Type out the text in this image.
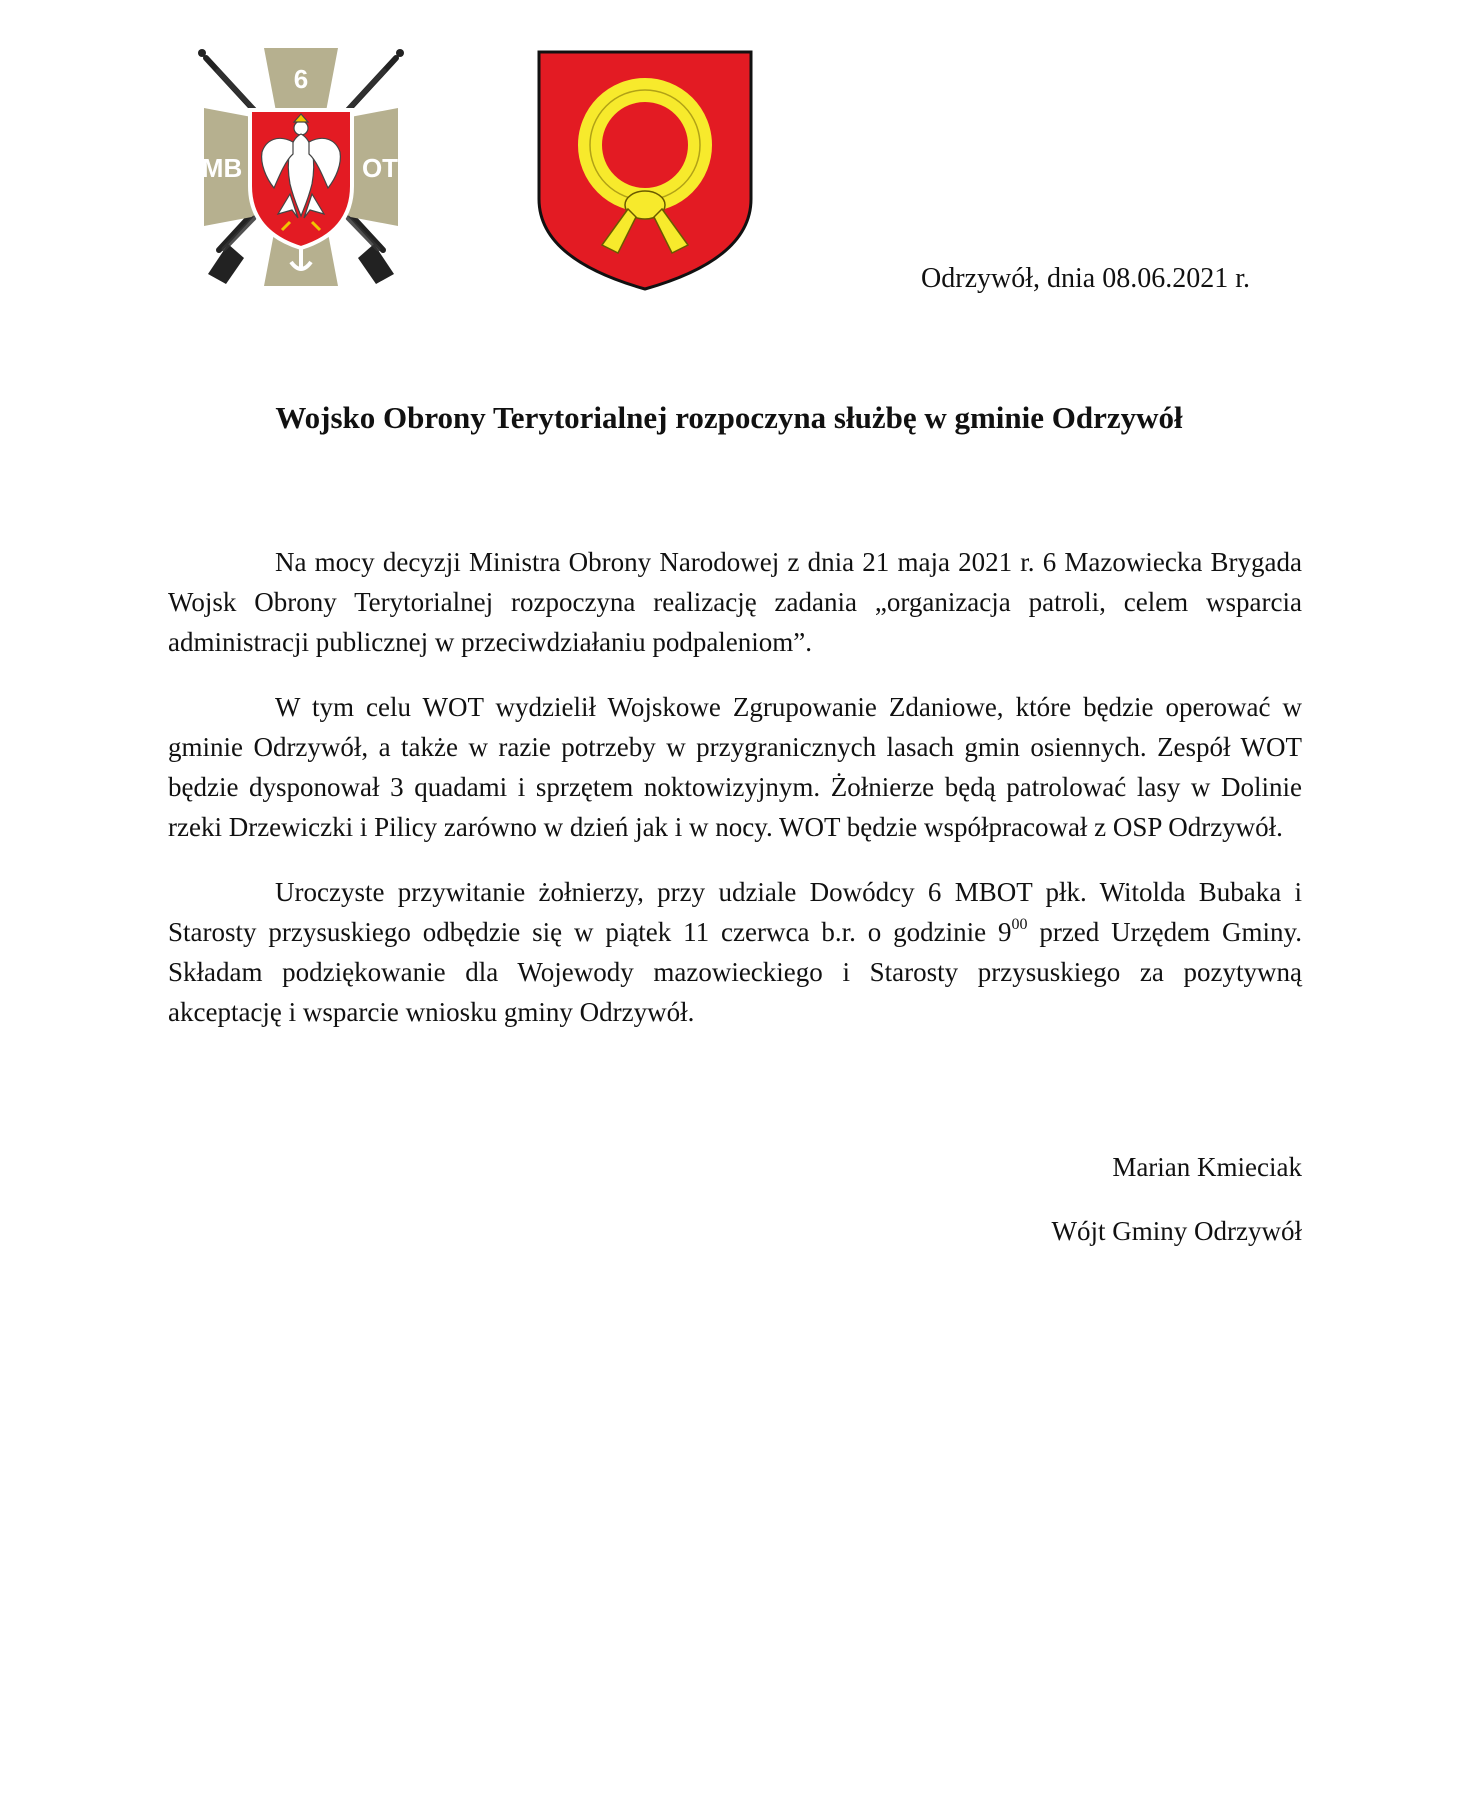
6
MB	OT
Odrzywół, dnia 08.06.2021 r.
Wojsko Obrony Terytorialnej rozpoczyna służbę w gminie Odrzywół

Na mocy decyzji Ministra Obrony Narodowej z dnia 21 maja 2021 r. 6 Mazowiecka Brygada Wojsk Obrony Terytorialnej rozpoczyna realizację zadania „organizacja patroli, celem wsparcia administracji publicznej w przeciwdziałaniu podpaleniom”.

W tym celu WOT wydzielił Wojskowe Zgrupowanie Zdaniowe, które będzie operować w gminie Odrzywół, a także w razie potrzeby w przygranicznych lasach gmin osiennych. Zespół WOT będzie dysponował 3 quadami i sprzętem noktowizyjnym. Żołnierze będą patrolować lasy w Dolinie rzeki Drzewiczki i Pilicy zarówno w dzień jak i w nocy. WOT będzie współpracował z OSP Odrzywół.

Uroczyste przywitanie żołnierzy, przy udziale Dowódcy 6 MBOT płk. Witolda Bubaka i Starosty przysuskiego odbędzie się w piątek 11 czerwca b.r. o godzinie $9^{00}$ przed Urzędem Gminy. Składam podziękowanie dla Wojewody mazowieckiego i Starosty przysuskiego za pozytywną akceptację i wsparcie wniosku gminy Odrzywół.

Marian Kmieciak
Wójt Gminy Odrzywół
